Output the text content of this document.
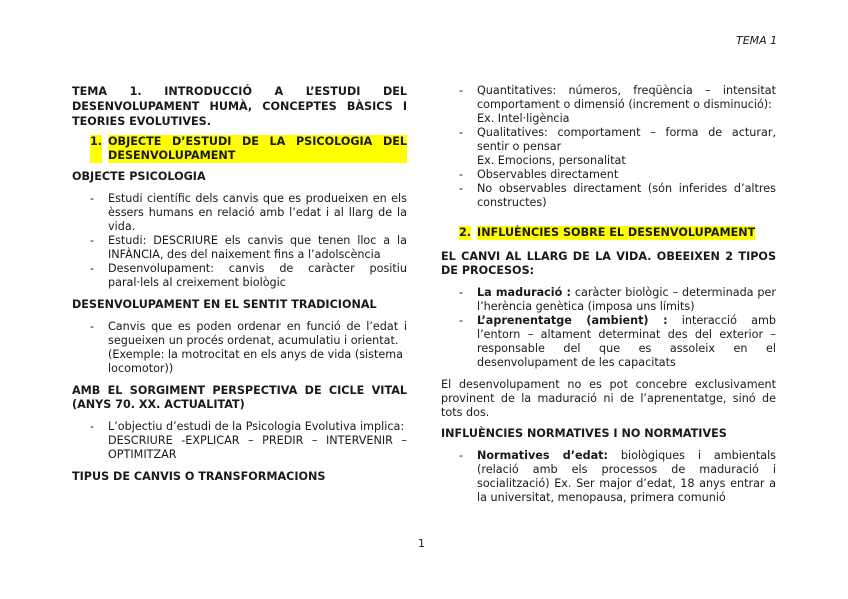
TEMA 1
TEMA 1. INTRODUCCIÓ A L’ESTUDI DEL DESENVOLUPAMENT HUMÀ, CONCEPTES BÀSICS I TEORIES EVOLUTIVES.
1. OBJECTE D’ESTUDI DE LA PSICOLOGIA DEL DESENVOLUPAMENT
OBJECTE PSICOLOGIA
- Estudi científic dels canvis que es produeixen en els èssers humans en relació amb l’edat i al llarg de la vida.
- Estudi: DESCRIURE els canvis que tenen lloc a la INFÀNCIA, des del naixement fins a l’adolscència
- Desenvolupament: canvis de caràcter positiu paral·lels al creixement biològic
DESENVOLUPAMENT EN EL SENTIT TRADICIONAL
- Canvis que es poden ordenar en funció de l’edat i segueixen un procés ordenat, acumulatiu i orientat.
(Exemple: la motrocitat en els anys de vida (sistema locomotor))
AMB EL SORGIMENT PERSPECTIVA DE CICLE VITAL (ANYS 70. XX. ACTUALITAT)
- L’objectiu d’estudi de la Psicologia Evolutiva implica:
DESCRIURE -EXPLICAR – PREDIR – INTERVENIR – OPTIMITZAR
TIPUS DE CANVIS O TRANSFORMACIONS
- Quantitatives: números, freqüència – intensitat comportament o dimensió (increment o disminució):
Ex. Intel·ligència
- Qualitatives: comportament – forma de acturar, sentir o pensar
Ex. Emocions, personalitat
- Observables directament
- No observables directament (són inferides d’altres constructes)
2. INFLUÈNCIES SOBRE EL DESENVOLUPAMENT
EL CANVI AL LLARG DE LA VIDA. OBEEIXEN 2 TIPOS DE PROCESOS:
- La maduració : caràcter biològic – determinada per l’herència genètica (imposa uns límits)
- L’aprenentatge (ambient) : interacció amb l’entorn – altament determinat des del exterior – responsable del que es assoleix en el desenvolupament de les capacitats

El desenvolupament no es pot concebre exclusivament provinent de la maduració ni de l’aprenentatge, sinó de tots dos.

INFLUÈNCIES NORMATIVES I NO NORMATIVES
- Normatives d’edat: biològiques i ambientals (relació amb els processos de maduració i socialització) Ex. Ser major d’edat, 18 anys entrar a la universitat, menopausa, primera comunió
1
